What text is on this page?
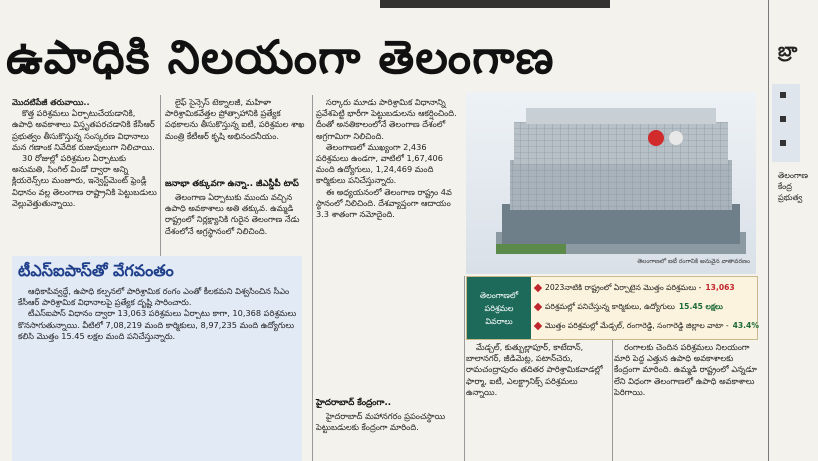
ఉపాధికి నిలయంగా తెలంగాణ

మొదటిపేజీ తరువాయి..

కొత్త పరిశ్రమలు ఏర్పాటుచేయడానికి, ఉపాధి అవకాశాలు విస్తృతపరచడానికి కేసీఆర్ ప్రభుత్వం తీసుకొస్తున్న సంస్కరణ విధానాలు మన గణాంక నివేదిక రుజువులుగా నిలిచాయి.

30 రోజుల్లో పరిశ్రమల ఏర్పాటుకు అనుమతి, సింగిల్ విండో ద్వారా అన్ని క్లియరెన్స్‌లు మంజూరు, ఇన్వెస్ట్‌మెంట్ ఫ్రెండ్లీ విధానం వల్ల తెలంగాణ రాష్ట్రానికి పెట్టుబడులు వెల్లువెత్తుతున్నాయి.

లైఫ్ సైన్సెస్ టెక్నాలజీ, మహిళా పారిశ్రామికవేత్తల ప్రోత్సాహానికి ప్రత్యేక పథకాలను తీసుకొస్తున్న ఐటీ, పరిశ్రమల శాఖ మంత్రి కేటీఆర్ కృషి అభినందనీయం.

జనాభా తక్కువగా ఉన్నా.. జీఎస్డీపీ టాప్

తెలంగాణ ఏర్పాటుకు ముందు వచ్చిన ఉపాధి అవకాశాలు అతి తక్కువ. ఉమ్మడి రాష్ట్రంలో నిర్లక్ష్యానికి గురైన తెలంగాణ నేడు దేశంలోనే అగ్రస్థానంలో నిలిచింది.

టీఎస్ఐపాస్‌తో వేగవంతం

ఆధికాపివ్వద్దే, ఉపాధి కల్పనలో పారిశ్రామిక రంగం ఎంతో కీలకమని విశ్వసించిన సీఎం కేసీఆర్ పారిశ్రామిక విధానాలపై ప్రత్యేక దృష్టి సారించారు.

టీఎస్ఐపాస్ విధానం ద్వారా 13,063 పరిశ్రమలు ఏర్పాటు కాగా, 10,368 పరిశ్రమలు కొనసాగుతున్నాయి. వీటిలో 7,08,219 మంది కార్మికులు, 8,97,235 మంది ఉద్యోగులు కలిసి మొత్తం 15.45 లక్షల మంది పనిచేస్తున్నారు.

సర్కారు మూడు పారిశ్రామిక విధానాన్ని ప్రవేశపెట్టి భారీగా పెట్టుబడులను ఆకర్షించింది. దీంతో అనతికాలంలోనే తెలంగాణ దేశంలో అగ్రగామిగా నిలిచింది.

తెలంగాణలో ముఖ్యంగా 2,436 పరిశ్రమలు ఉండగా, వాటిలో 1,67,406 మంది ఉద్యోగులు, 1,24,469 మంది కార్మికులు పనిచేస్తున్నారు.

ఈ అధ్యయనంలో తెలంగాణ రాష్ట్రం 4వ స్థానంలో నిలిచింది. దేశవ్యాప్తంగా ఆదాయం 3.3 శాతంగా నమోదైంది.

హైదరాబాద్ కేంద్రంగా..

హైదరాబాద్ మహానగరం ప్రపంచస్థాయి పెట్టుబడులకు కేంద్రంగా మారింది.

తెలంగాణలో ఐటీ రంగానికి అనువైన వాతావరణం
తెలంగాణలో
పరిశ్రమల
వివరాలు
2023నాటికి రాష్ట్రంలో ఏర్పాటైన మొత్తం పరిశ్రమలు - 13,063
పరిశ్రమల్లో పనిచేస్తున్న కార్మికులు, ఉద్యోగులు 15.45 లక్షలు
మొత్తం పరిశ్రమల్లో మేడ్చల్, రంగారెడ్డి, సంగారెడ్డి జిల్లాల వాటా - 43.4%

మేడ్చల్, కుత్బుల్లాపూర్, కాటేదాన్, బాలానగర్, జీడిమెట్ల, పటాన్‌చెరు, రామచంద్రాపురం తదితర పారిశ్రామికవాడల్లో ఫార్మా, ఐటీ, ఎలక్ట్రానిక్స్ పరిశ్రమలు ఉన్నాయి.

రంగాలకు చెందిన పరిశ్రమలు నిలయంగా మారి పెద్ద ఎత్తున ఉపాధి అవకాశాలకు కేంద్రంగా మారింది. ఉమ్మడి రాష్ట్రంలో ఎన్నడూ లేని విధంగా తెలంగాణలో ఉపాధి అవకాశాలు పెరిగాయి.

బ్రా
తెలంగాణ కేంద్ర ప్రభుత్వ
